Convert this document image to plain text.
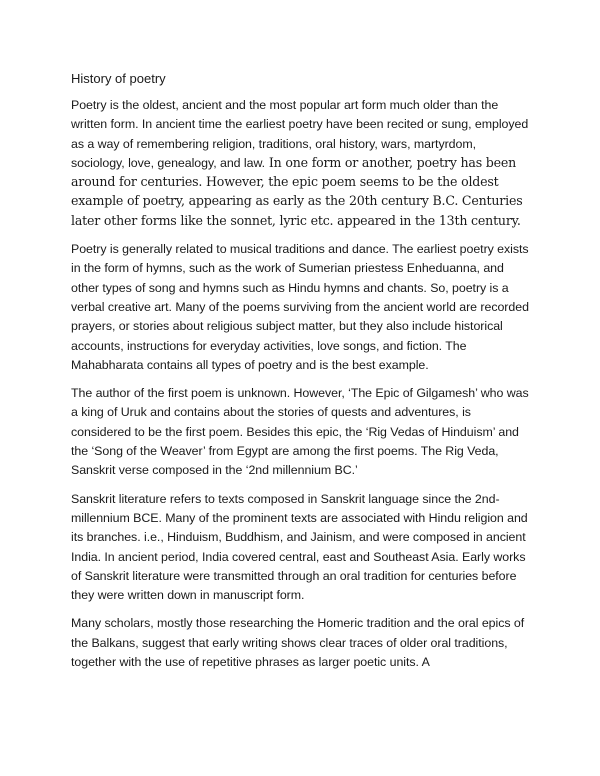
History of poetry

Poetry is the oldest, ancient and the most popular art form much older than the written form. In ancient time the earliest poetry have been recited or sung, employed as a way of remembering religion, traditions, oral history, wars, martyrdom, sociology, love, genealogy, and law. In one form or another, poetry has been around for centuries. However, the epic poem seems to be the oldest example of poetry, appearing as early as the 20th century B.C. Centuries later other forms like the sonnet, lyric etc. appeared in the 13th century.

Poetry is generally related to musical traditions and dance. The earliest poetry exists in the form of hymns, such as the work of Sumerian priestess Enheduanna, and other types of song and hymns such as Hindu hymns and chants. So, poetry is a verbal creative art. Many of the poems surviving from the ancient world are recorded prayers, or stories about religious subject matter, but they also include historical accounts, instructions for everyday activities, love songs, and fiction. The Mahabharata contains all types of poetry and is the best example.

The author of the first poem is unknown. However, ‘The Epic of Gilgamesh’ who was a king of Uruk and contains about the stories of quests and adventures, is considered to be the first poem. Besides this epic, the ‘Rig Vedas of Hinduism’ and the ‘Song of the Weaver’ from Egypt are among the first poems. The Rig Veda, Sanskrit verse composed in the ‘2nd millennium BC.’

Sanskrit literature refers to texts composed in Sanskrit language since the 2nd-millennium BCE. Many of the prominent texts are associated with Hindu religion and its branches. i.e., Hinduism, Buddhism, and Jainism, and were composed in ancient India. In ancient period, India covered central, east and Southeast Asia. Early works of Sanskrit literature were transmitted through an oral tradition for centuries before they were written down in manuscript form.

Many scholars, mostly those researching the Homeric tradition and the oral epics of the Balkans, suggest that early writing shows clear traces of older oral traditions, together with the use of repetitive phrases as larger poetic units. A
